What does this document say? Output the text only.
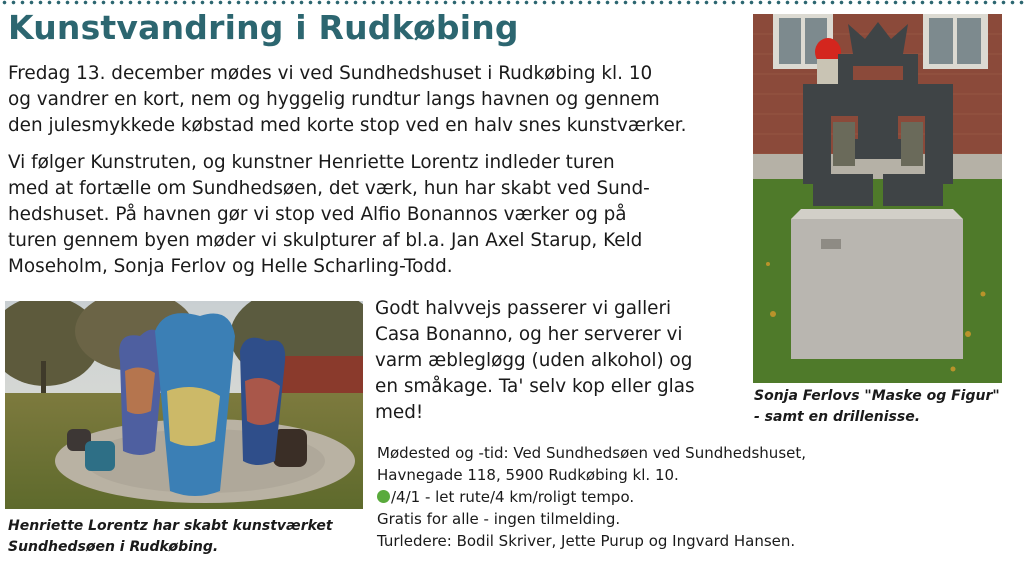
Kunstvandring i Rudkøbing

Fredag 13. december mødes vi ved Sundhedshuset i Rudkøbing kl. 10
og vandrer en kort, nem og hyggelig rundtur langs havnen og gennem
den julesmykkede købstad med korte stop ved en halv snes kunstværker.

Vi følger Kunstruten, og kunstner Henriette Lorentz indleder turen
med at fortælle om Sundhedsøen, det værk, hun har skabt ved Sund-
hedshuset. På havnen gør vi stop ved Alfio Bonannos værker og på
turen gennem byen møder vi skulpturer af bl.a. Jan Axel Starup, Keld
Moseholm, Sonja Ferlov og Helle Scharling-Todd.

Godt halvvejs passerer vi galleri
Casa Bonanno, og her serverer vi
varm æblegløgg (uden alkohol) og
en småkage. Ta' selv kop eller glas
med!

Henriette Lorentz har skabt kunstværket
Sundhedsøen i Rudkøbing.

Sonja Ferlovs "Maske og Figur"
- samt en drillenisse.

Mødested og -tid: Ved Sundhedsøen ved Sundhedshuset,
Havnegade 118, 5900 Rudkøbing kl. 10.
/4/1 - let rute/4 km/roligt tempo.
Gratis for alle - ingen tilmelding.
Turledere: Bodil Skriver, Jette Purup og Ingvard Hansen.
